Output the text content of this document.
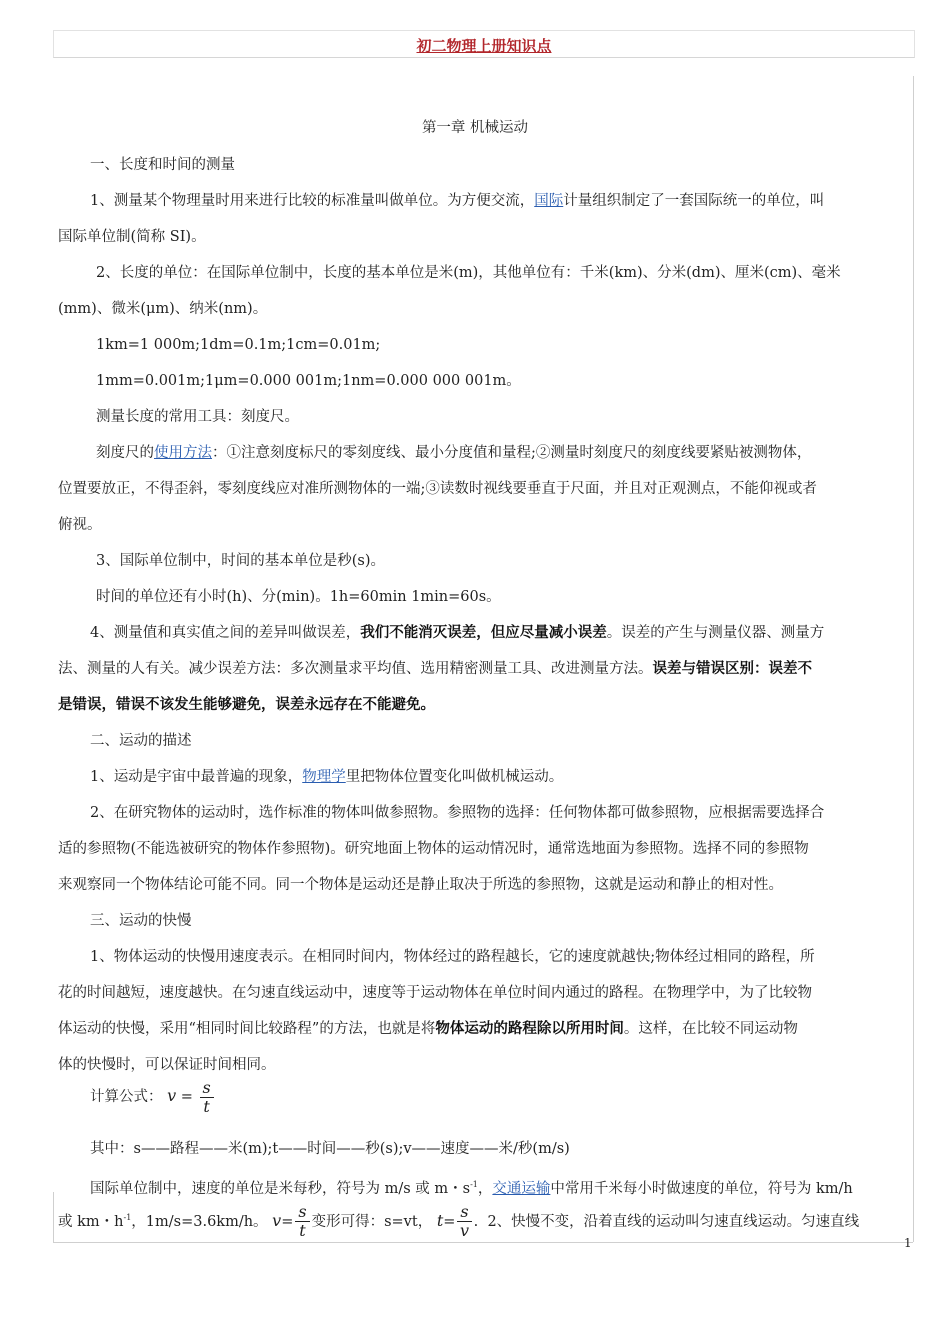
初二物理上册知识点
第一章 机械运动
一、长度和时间的测量
1、测量某个物理量时用来进行比较的标准量叫做单位。为方便交流，国际计量组织制定了一套国际统一的单位，叫
国际单位制(简称 SI)。
2、长度的单位：在国际单位制中，长度的基本单位是米(m)，其他单位有：千米(km)、分米(dm)、厘米(cm)、毫米
(mm)、微米(μm)、纳米(nm)。
1km=1 000m;1dm=0.1m;1cm=0.01m;
1mm=0.001m;1μm=0.000 001m;1nm=0.000 000 001m。
测量长度的常用工具：刻度尺。
刻度尺的使用方法：①注意刻度标尺的零刻度线、最小分度值和量程;②测量时刻度尺的刻度线要紧贴被测物体，
位置要放正，不得歪斜，零刻度线应对准所测物体的一端;③读数时视线要垂直于尺面，并且对正观测点，不能仰视或者
俯视。
3、国际单位制中，时间的基本单位是秒(s)。
时间的单位还有小时(h)、分(min)。1h=60min 1min=60s。
4、测量值和真实值之间的差异叫做误差，我们不能消灭误差，但应尽量减小误差。误差的产生与测量仪器、测量方
法、测量的人有关。减少误差方法：多次测量求平均值、选用精密测量工具、改进测量方法。误差与错误区别：误差不
是错误，错误不该发生能够避免，误差永远存在不能避免。
二、运动的描述
1、运动是宇宙中最普遍的现象，物理学里把物体位置变化叫做机械运动。
2、在研究物体的运动时，选作标准的物体叫做参照物。参照物的选择：任何物体都可做参照物，应根据需要选择合
适的参照物(不能选被研究的物体作参照物)。研究地面上物体的运动情况时，通常选地面为参照物。选择不同的参照物
来观察同一个物体结论可能不同。同一个物体是运动还是静止取决于所选的参照物，这就是运动和静止的相对性。
三、运动的快慢
1、物体运动的快慢用速度表示。在相同时间内，物体经过的路程越长，它的速度就越快;物体经过相同的路程，所
花的时间越短，速度越快。在匀速直线运动中，速度等于运动物体在单位时间内通过的路程。在物理学中，为了比较物
体运动的快慢，采用“相同时间比较路程”的方法，也就是将物体运动的路程除以所用时间。这样，在比较不同运动物
体的快慢时，可以保证时间相同。
计算公式： $v = \frac{s}{t}$
其中：s——路程——米(m);t——时间——秒(s);v——速度——米/秒(m/s)
国际单位制中，速度的单位是米每秒，符号为 m/s 或 m・$s^{-1}$，交通运输中常用千米每小时做速度的单位，符号为 km/h
或 km・$h^{-1}$，1m/s=3.6km/h。 $v= \frac{s}{t}$ 变形可得：s=vt， $t= \frac{s}{v}$ . 2、快慢不变，沿着直线的运动叫匀速直线运动。匀速直线
1
